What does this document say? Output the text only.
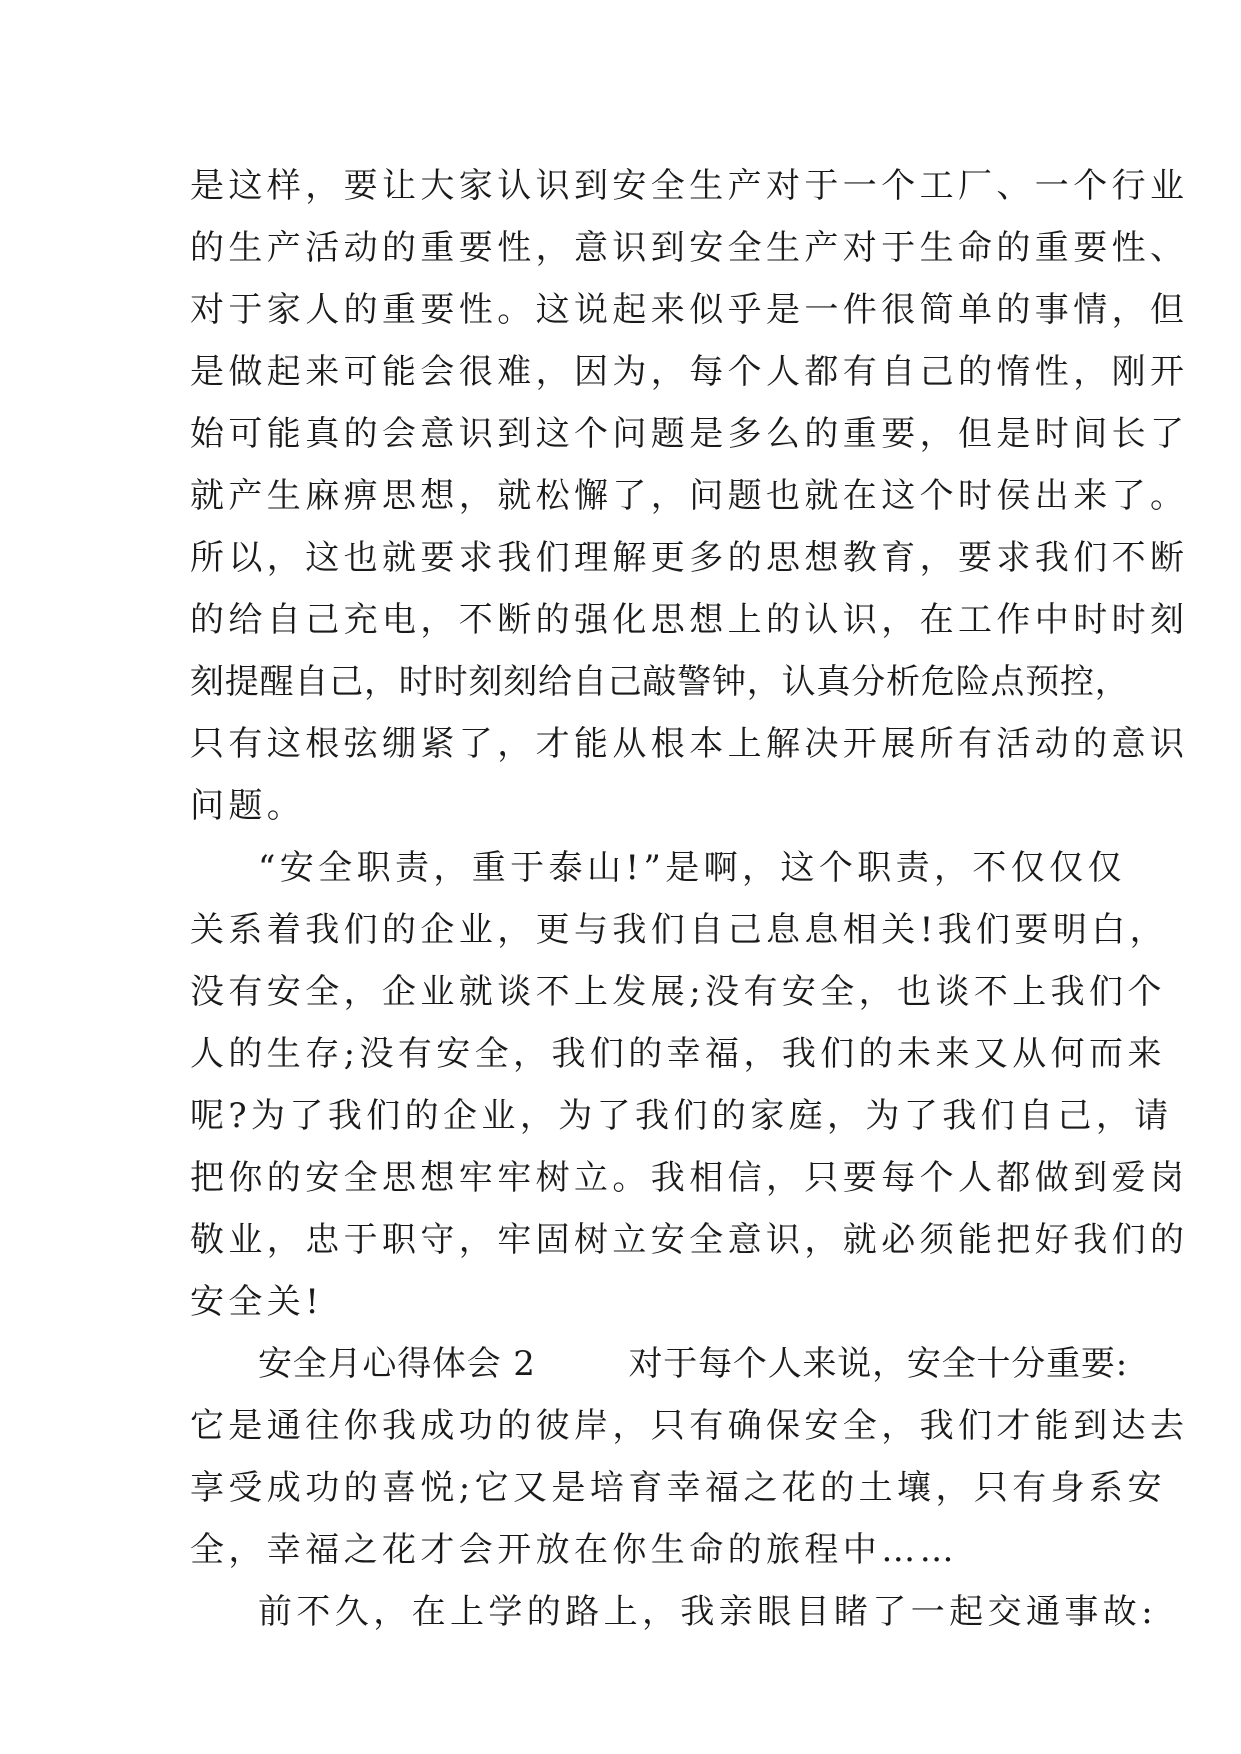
是这样，要让大家认识到安全生产对于一个工厂、一个行业
的生产活动的重要性，意识到安全生产对于生命的重要性、
对于家人的重要性。这说起来似乎是一件很简单的事情，但
是做起来可能会很难，因为，每个人都有自己的惰性，刚开
始可能真的会意识到这个问题是多么的重要，但是时间长了
就产生麻痹思想，就松懈了，问题也就在这个时侯出来了。
所以，这也就要求我们理解更多的思想教育，要求我们不断
的给自己充电，不断的强化思想上的认识，在工作中时时刻
刻提醒自己，时时刻刻给自己敲警钟，认真分析危险点预控，
只有这根弦绷紧了，才能从根本上解决开展所有活动的意识
问题。
“安全职责，重于泰山!”是啊，这个职责，不仅仅仅
关系着我们的企业，更与我们自己息息相关!我们要明白，
没有安全，企业就谈不上发展;没有安全，也谈不上我们个
人的生存;没有安全，我们的幸福，我们的未来又从何而来
呢?为了我们的企业，为了我们的家庭，为了我们自己，请
把你的安全思想牢牢树立。我相信，只要每个人都做到爱岗
敬业，忠于职守，牢固树立安全意识，就必须能把好我们的
安全关!
安全月心得体会 2        对于每个人来说，安全十分重要:
它是通往你我成功的彼岸，只有确保安全，我们才能到达去
享受成功的喜悦;它又是培育幸福之花的土壤，只有身系安
全，幸福之花才会开放在你生命的旅程中……
前不久，在上学的路上，我亲眼目睹了一起交通事故:
